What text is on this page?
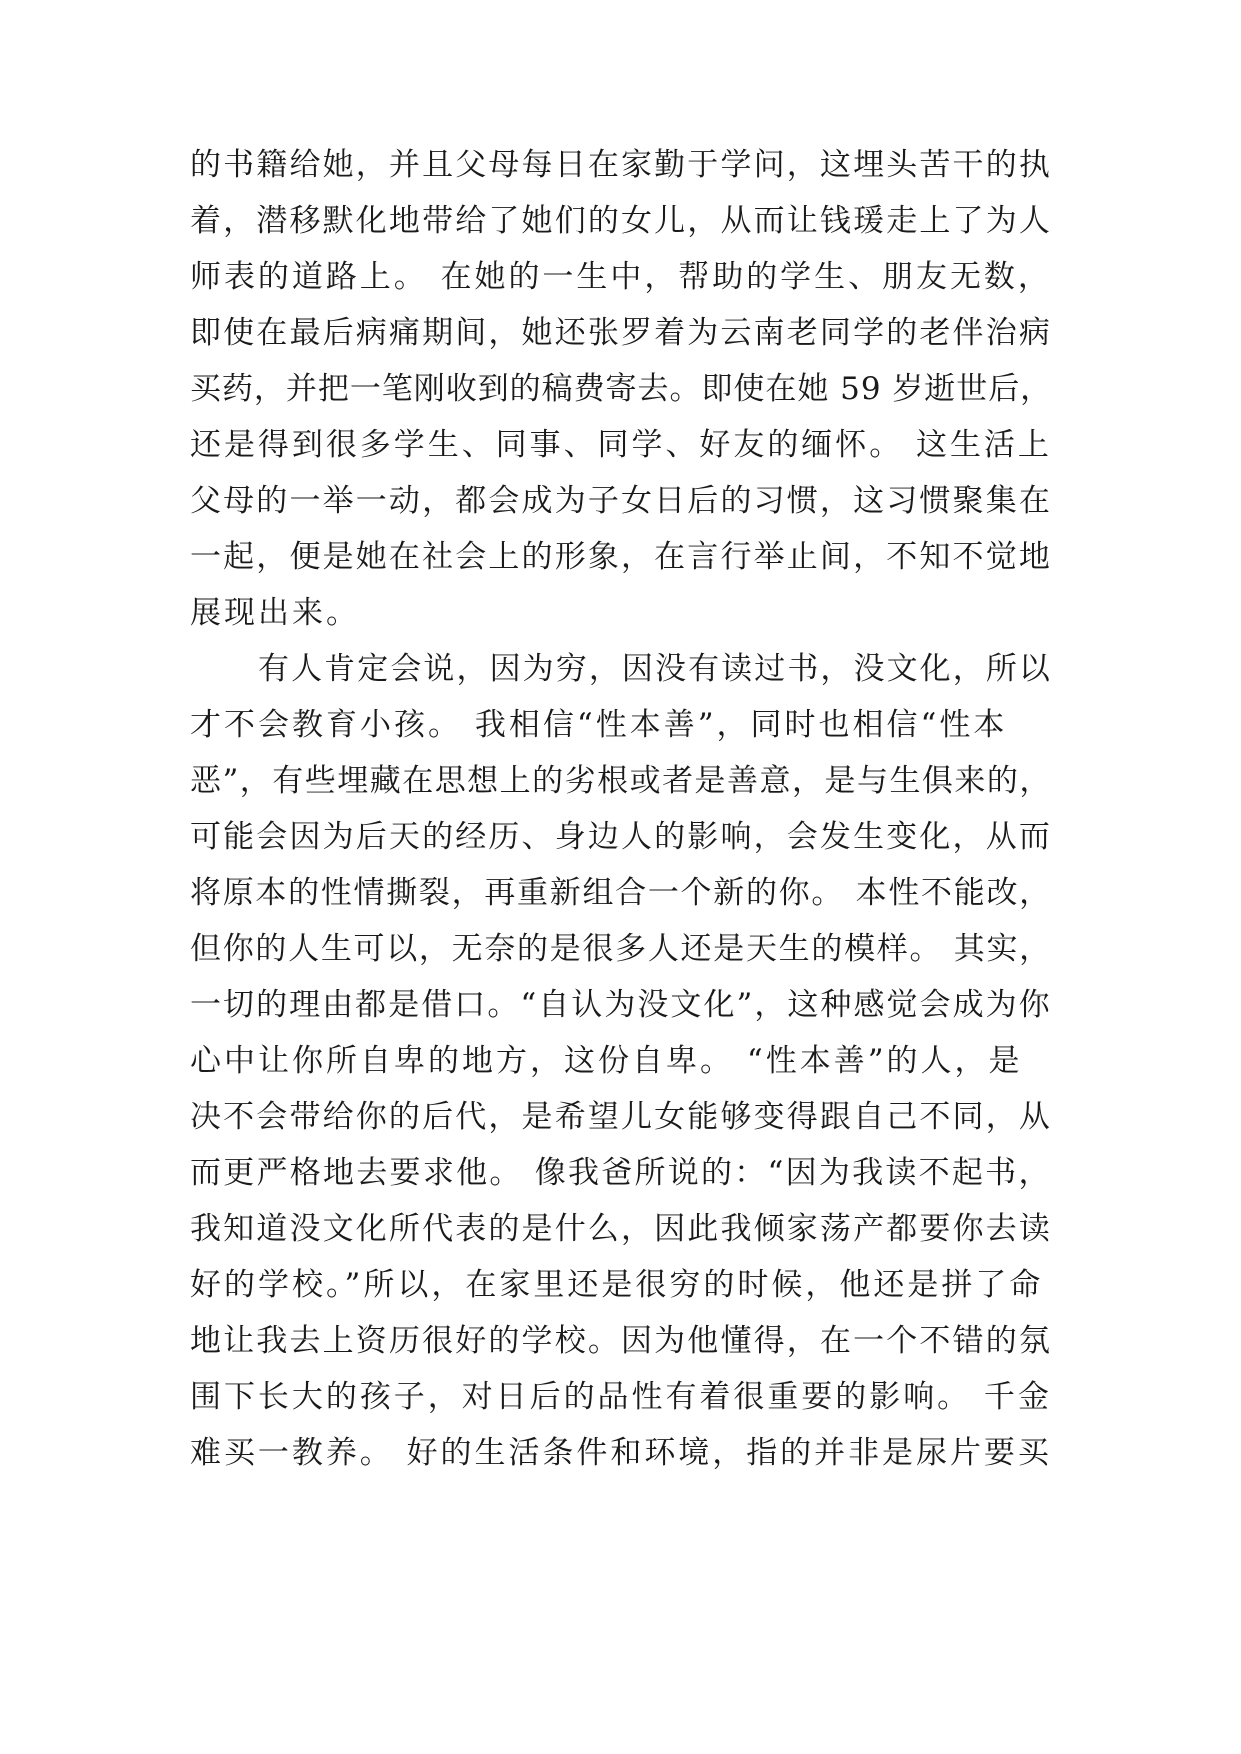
的书籍给她，并且父母每日在家勤于学问，这埋头苦干的执
着，潜移默化地带给了她们的女儿，从而让钱瑗走上了为人
师表的道路上。 在她的一生中，帮助的学生、朋友无数，
即使在最后病痛期间，她还张罗着为云南老同学的老伴治病
买药，并把一笔刚收到的稿费寄去。即使在她 59 岁逝世后，
还是得到很多学生、同事、同学、好友的缅怀。 这生活上
父母的一举一动，都会成为子女日后的习惯，这习惯聚集在
一起，便是她在社会上的形象，在言行举止间，不知不觉地
展现出来。
有人肯定会说，因为穷，因没有读过书，没文化，所以
才不会教育小孩。 我相信“性本善”，同时也相信“性本
恶”，有些埋藏在思想上的劣根或者是善意，是与生俱来的，
可能会因为后天的经历、身边人的影响，会发生变化，从而
将原本的性情撕裂，再重新组合一个新的你。 本性不能改，
但你的人生可以，无奈的是很多人还是天生的模样。 其实，
一切的理由都是借口。“自认为没文化”，这种感觉会成为你
心中让你所自卑的地方，这份自卑。 “性本善”的人，是
决不会带给你的后代，是希望儿女能够变得跟自己不同，从
而更严格地去要求他。 像我爸所说的：“因为我读不起书，
我知道没文化所代表的是什么，因此我倾家荡产都要你去读
好的学校。”所以，在家里还是很穷的时候，他还是拼了命
地让我去上资历很好的学校。因为他懂得，在一个不错的氛
围下长大的孩子，对日后的品性有着很重要的影响。 千金
难买一教养。 好的生活条件和环境，指的并非是尿片要买
